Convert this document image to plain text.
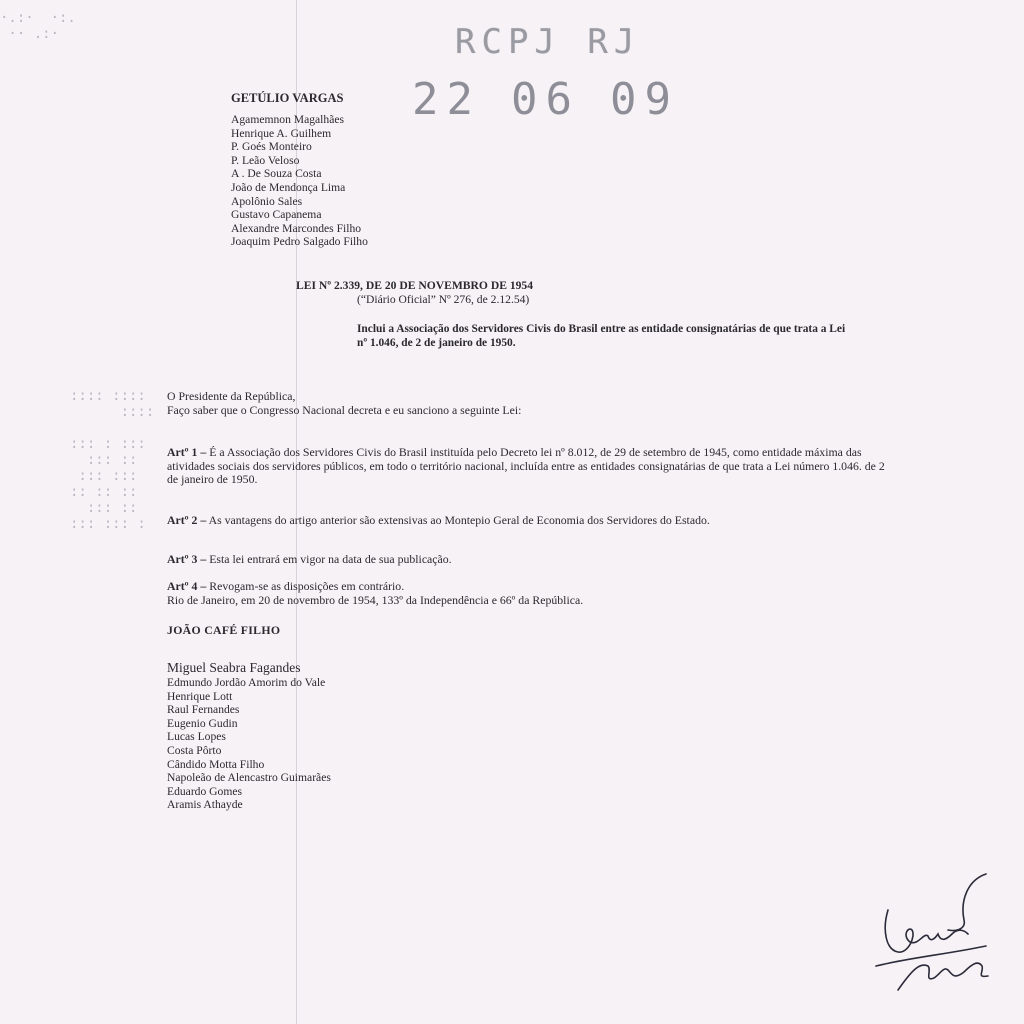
·.:·  ·:.
·· .:·
:::: ::::
::::

::: : :::
::: ::
::: :::
:: :: ::
::: ::
::: ::: :
RCPJ RJ
22 06 09
GETÚLIO VARGAS
Agamemnon Magalhães
Henrique A. Guilhem
P. Goés Monteiro
P. Leão Veloso
A . De Souza Costa
João de Mendonça Lima
Apolônio Sales
Gustavo Capanema
Alexandre Marcondes Filho
Joaquim Pedro Salgado Filho
LEI Nº 2.339, DE 20 DE NOVEMBRO DE 1954
(“Diário Oficial” Nº 276, de 2.12.54)
Inclui a Associação dos Servidores Civis do Brasil entre as entidade consignatárias de que trata a Lei nº 1.046, de 2 de janeiro de 1950.

O Presidente da República,

Faço saber que o Congresso Nacional decreta e eu sanciono a seguinte Lei:

Artº 1 – É a Associação dos Servidores Civis do Brasil instituída pelo Decreto lei nº 8.012, de 29 de setembro de 1945, como entidade máxima das atividades sociais dos servidores públicos, em todo o território nacional, incluída entre as entidades consignatárias de que trata a Lei número 1.046. de 2 de janeiro de 1950.

Artº 2 – As vantagens do artigo anterior são extensivas ao Montepio Geral de Economia dos Servidores do Estado.

Artº 3 – Esta lei entrará em vigor na data de sua publicação.

Artº 4 – Revogam-se as disposições em contrário.

Rio de Janeiro, em 20 de novembro de 1954, 133º da Independência e 66º da República.

JOÃO CAFÉ FILHO
Miguel Seabra Fagandes
Edmundo Jordão Amorim do Vale
Henrique Lott
Raul Fernandes
Eugenio Gudin
Lucas Lopes
Costa Pôrto
Cândido Motta Filho
Napoleão de Alencastro Guimarães
Eduardo Gomes
Aramis Athayde
